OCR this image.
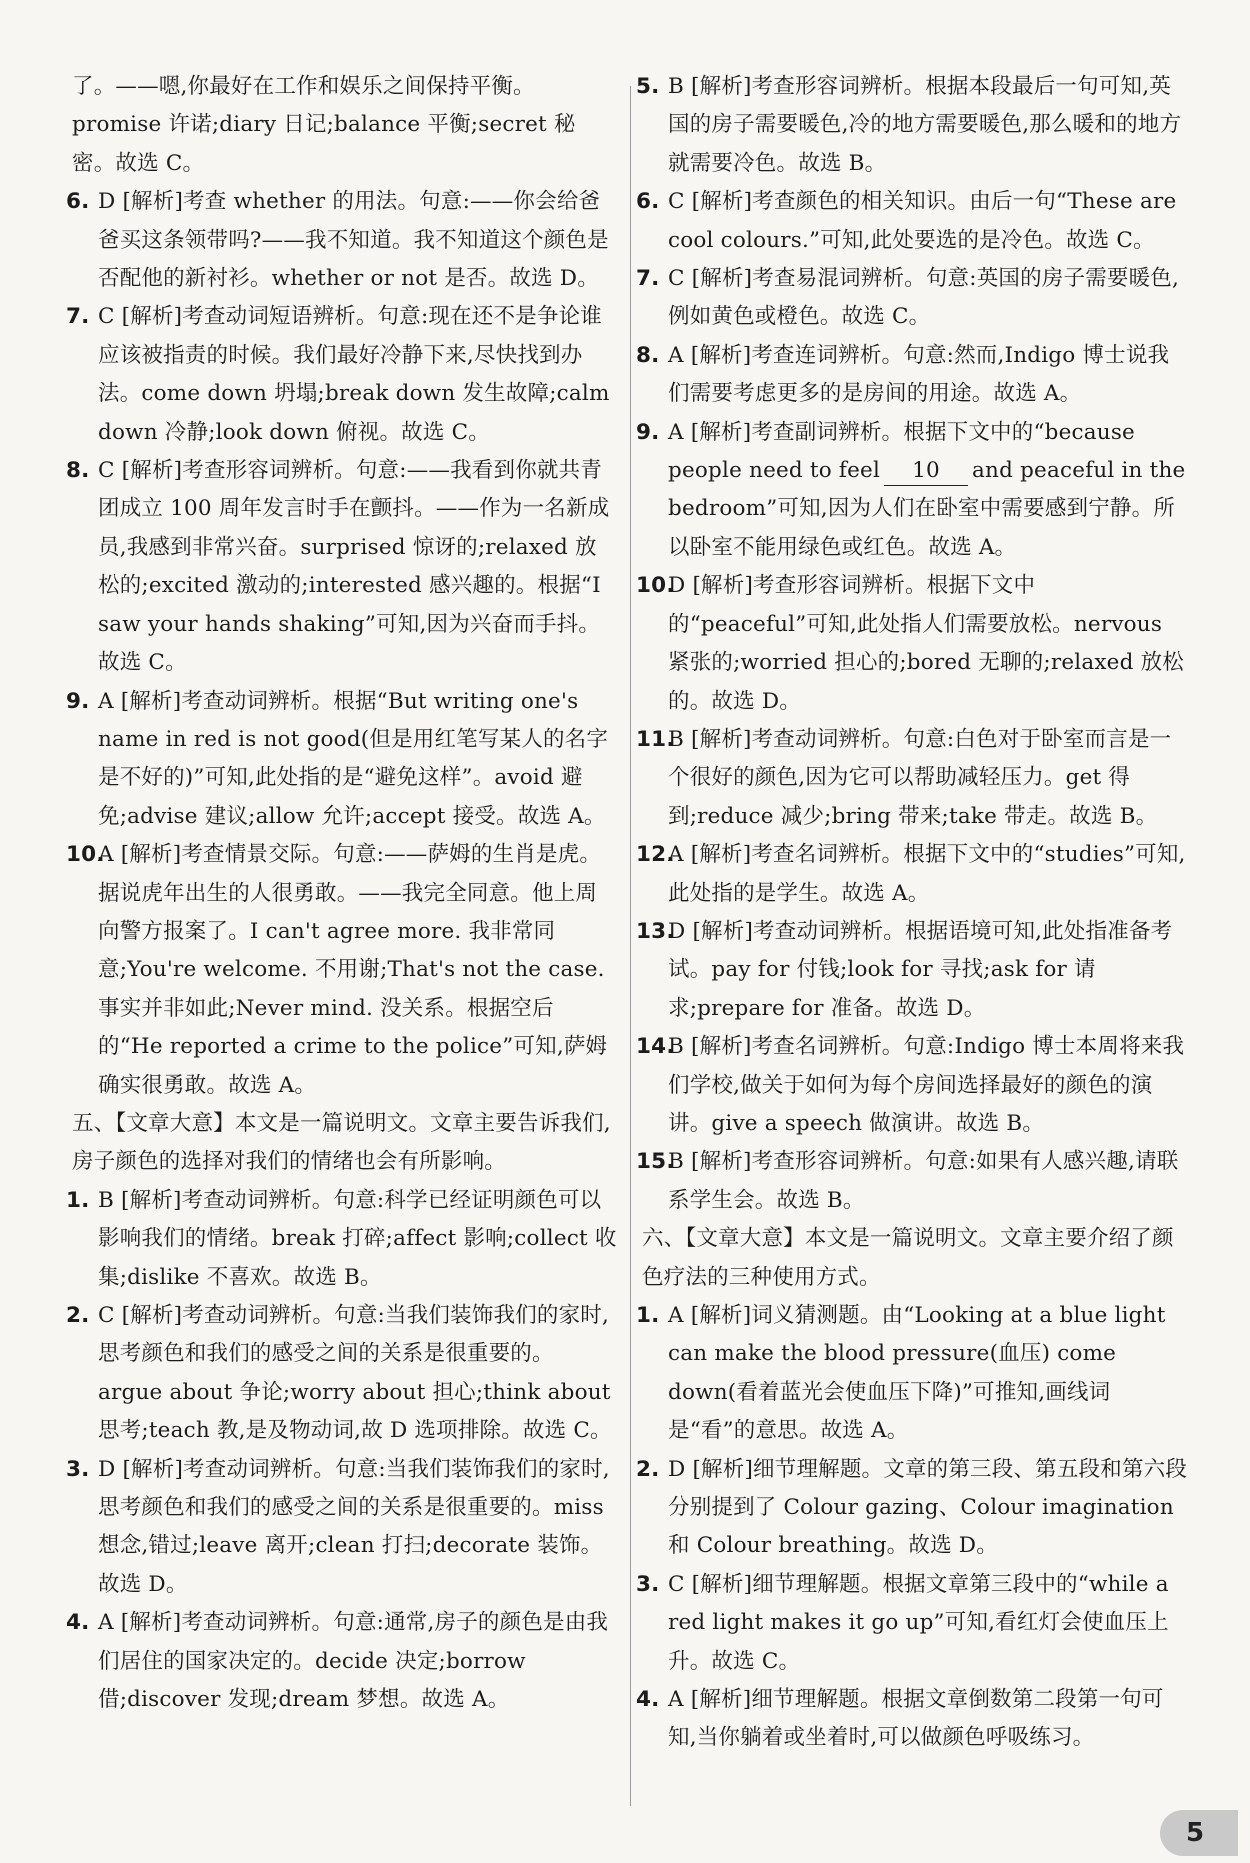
了。——嗯,你最好在工作和娱乐之间保持平衡。promise 许诺;diary 日记;balance 平衡;secret 秘密。故选 C。

6. D [解析]考查 whether 的用法。句意:——你会给爸爸买这条领带吗?——我不知道。我不知道这个颜色是否配他的新衬衫。whether or not 是否。故选 D。

7. C [解析]考查动词短语辨析。句意:现在还不是争论谁应该被指责的时候。我们最好冷静下来,尽快找到办法。come down 坍塌;break down 发生故障;calm down 冷静;look down 俯视。故选 C。

8. C [解析]考查形容词辨析。句意:——我看到你就共青团成立 100 周年发言时手在颤抖。——作为一名新成员,我感到非常兴奋。surprised 惊讶的;relaxed 放松的;excited 激动的;interested 感兴趣的。根据“I saw your hands shaking”可知,因为兴奋而手抖。故选 C。

9. A [解析]考查动词辨析。根据“But writing one's name in red is not good(但是用红笔写某人的名字是不好的)”可知,此处指的是“避免这样”。avoid 避免;advise 建议;allow 允许;accept 接受。故选 A。

10.
A [解析]考查情景交际。句意:——萨姆的生肖是虎。据说虎年出生的人很勇敢。——我完全同意。他上周向警方报案了。I can't agree more. 我非常同意;You're welcome. 不用谢;That's not the case. 事实并非如此;Never mind. 没关系。根据空后的“He reported a crime to the police”可知,萨姆确实很勇敢。故选 A。

五、【文章大意】本文是一篇说明文。文章主要告诉我们,房子颜色的选择对我们的情绪也会有所影响。

1. B [解析]考查动词辨析。句意:科学已经证明颜色可以影响我们的情绪。break 打碎;affect 影响;collect 收集;dislike 不喜欢。故选 B。

2. C [解析]考查动词辨析。句意:当我们装饰我们的家时,思考颜色和我们的感受之间的关系是很重要的。argue about 争论;worry about 担心;think about 思考;teach 教,是及物动词,故 D 选项排除。故选 C。

3. D [解析]考查动词辨析。句意:当我们装饰我们的家时,思考颜色和我们的感受之间的关系是很重要的。miss 想念,错过;leave 离开;clean 打扫;decorate 装饰。故选 D。

4. A [解析]考查动词辨析。句意:通常,房子的颜色是由我们居住的国家决定的。decide 决定;borrow 借;discover 发现;dream 梦想。故选 A。

5. B [解析]考查形容词辨析。根据本段最后一句可知,英国的房子需要暖色,冷的地方需要暖色,那么暖和的地方就需要冷色。故选 B。

6. C [解析]考查颜色的相关知识。由后一句“These are cool colours.”可知,此处要选的是冷色。故选 C。

7. C [解析]考查易混词辨析。句意:英国的房子需要暖色,例如黄色或橙色。故选 C。

8. A [解析]考查连词辨析。句意:然而,Indigo 博士说我们需要考虑更多的是房间的用途。故选 A。

9. A [解析]考查副词辨析。根据下文中的“because people need to feel 10 and peaceful in the bedroom”可知,因为人们在卧室中需要感到宁静。所以卧室不能用绿色或红色。故选 A。

10.
D [解析]考查形容词辨析。根据下文中的“peaceful”可知,此处指人们需要放松。nervous 紧张的;worried 担心的;bored 无聊的;relaxed 放松的。故选 D。

11.
B [解析]考查动词辨析。句意:白色对于卧室而言是一个很好的颜色,因为它可以帮助减轻压力。get 得到;reduce 减少;bring 带来;take 带走。故选 B。

12.
A [解析]考查名词辨析。根据下文中的“studies”可知,此处指的是学生。故选 A。

13.
D [解析]考查动词辨析。根据语境可知,此处指准备考试。pay for 付钱;look for 寻找;ask for 请求;prepare for 准备。故选 D。

14.
B [解析]考查名词辨析。句意:Indigo 博士本周将来我们学校,做关于如何为每个房间选择最好的颜色的演讲。give a speech 做演讲。故选 B。

15.
B [解析]考查形容词辨析。句意:如果有人感兴趣,请联系学生会。故选 B。

六、【文章大意】本文是一篇说明文。文章主要介绍了颜色疗法的三种使用方式。

1. A [解析]词义猜测题。由“Looking at a blue light can make the blood pressure(血压) come down(看着蓝光会使血压下降)”可推知,画线词是“看”的意思。故选 A。

2. D [解析]细节理解题。文章的第三段、第五段和第六段分别提到了 Colour gazing、Colour imagination 和 Colour breathing。故选 D。

3. C [解析]细节理解题。根据文章第三段中的“while a red light makes it go up”可知,看红灯会使血压上升。故选 C。

4. A [解析]细节理解题。根据文章倒数第二段第一句可知,当你躺着或坐着时,可以做颜色呼吸练习。

5
